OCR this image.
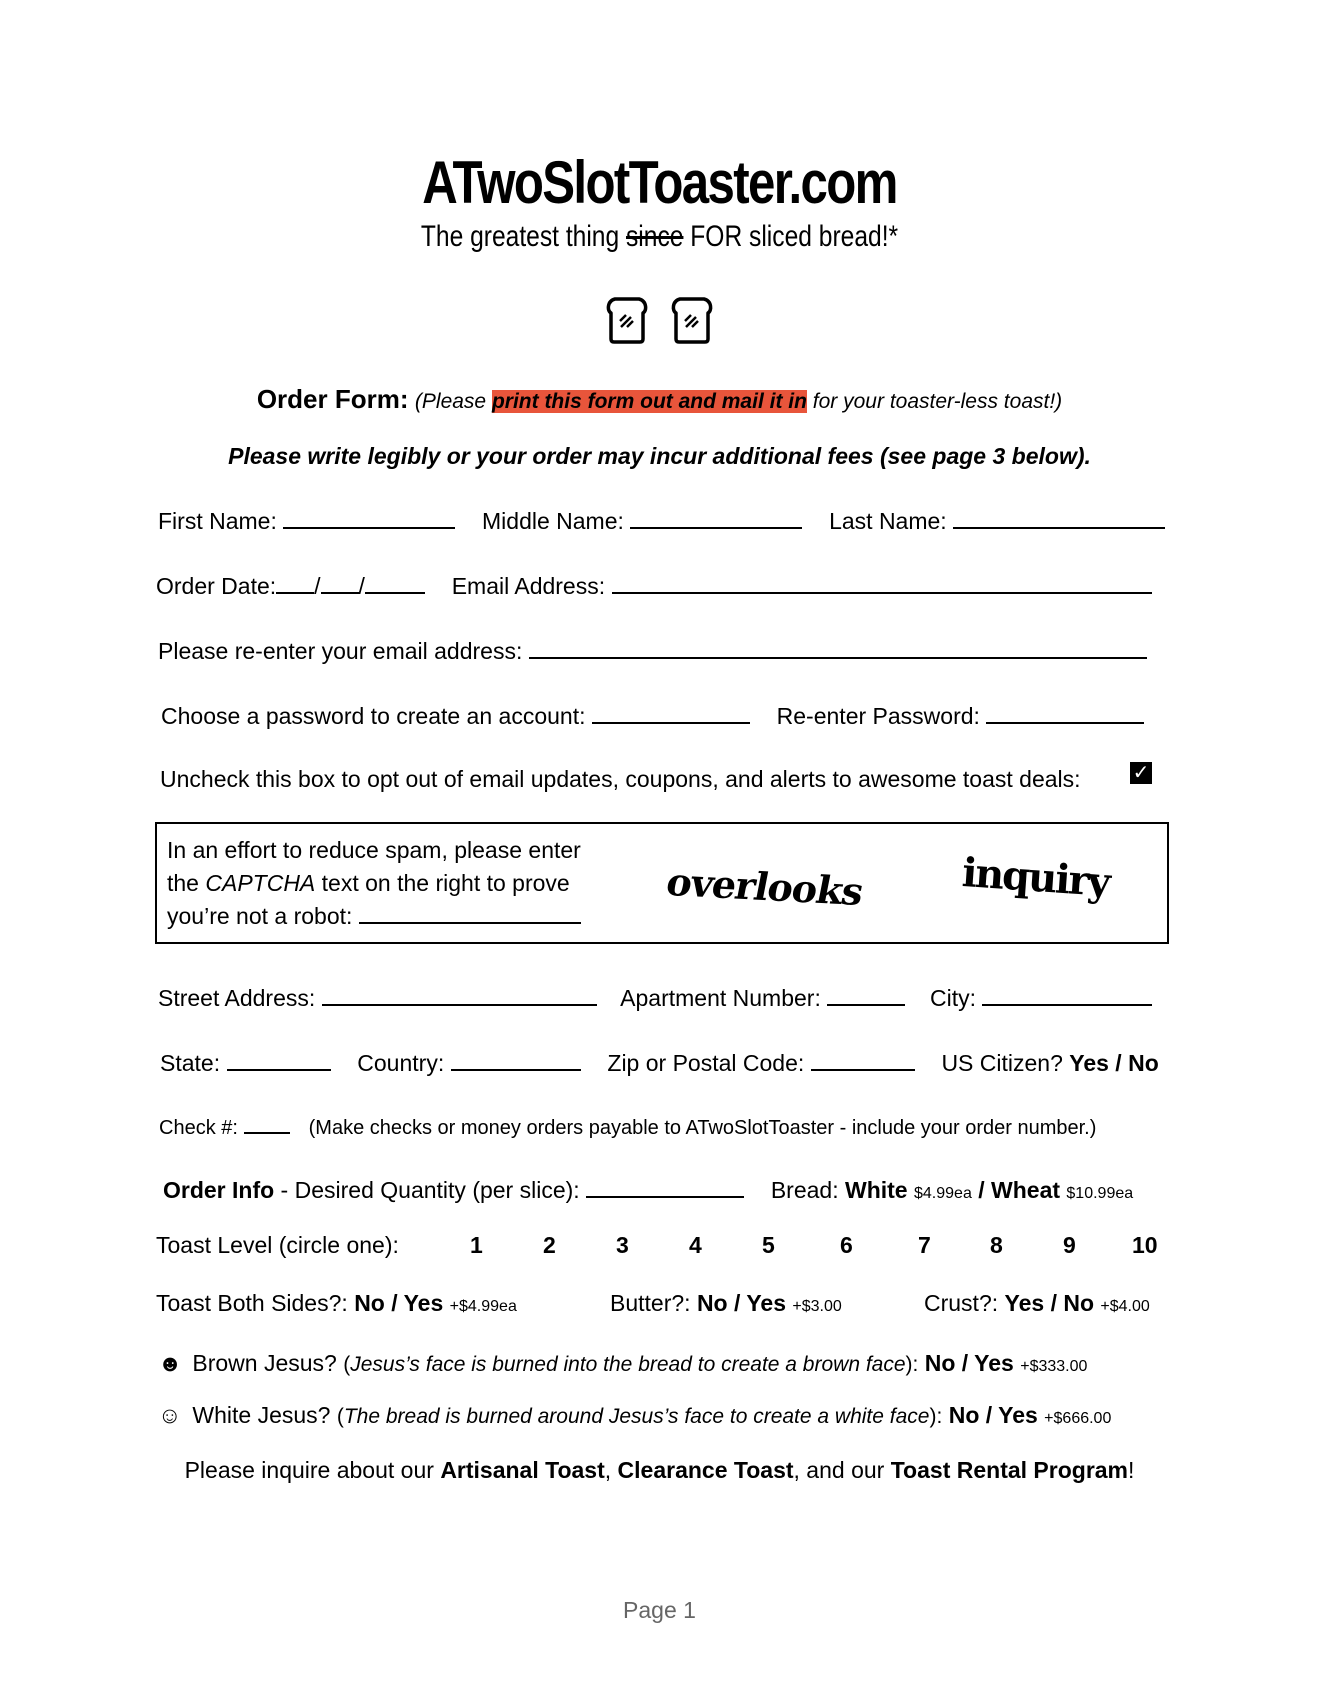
ATwoSlotToaster.com
The greatest thing since FOR sliced bread!*

Order Form: (Please print this form out and mail it in for your toaster-less toast!)
Please write legibly or your order may incur additional fees (see page 3 below).
First Name:	Middle Name:	Last Name:
Order Date: / /	Email Address:
Please re-enter your email address:
Choose a password to create an account:	Re-enter Password:
Uncheck this box to opt out of email updates, coupons, and alerts to awesome toast deals:	✓
In an effort to reduce spam, please enter
the CAPTCHA text on the right to prove
you’re not a robot:
overlooks inquiry
Street Address:	Apartment Number:	City:
State:	Country:	Zip or Postal Code:	US Citizen? Yes / No
Check #:	(Make checks or money orders payable to ATwoSlotToaster - include your order number.)
Order Info - Desired Quantity (per slice):	Bread: White $4.99ea / Wheat $10.99ea
Toast Level (circle one):	1	2	3	4	5	6	7	8	9 10
Toast Both Sides?: No / Yes +$4.99ea	Butter?: No / Yes +$3.00	Crust?: Yes / No +$4.00
☻ Brown Jesus? (Jesus’s face is burned into the bread to create a brown face): No / Yes +$333.00
☺ White Jesus? (The bread is burned around Jesus’s face to create a white face): No / Yes +$666.00
Please inquire about our Artisanal Toast, Clearance Toast, and our Toast Rental Program!
Page 1
